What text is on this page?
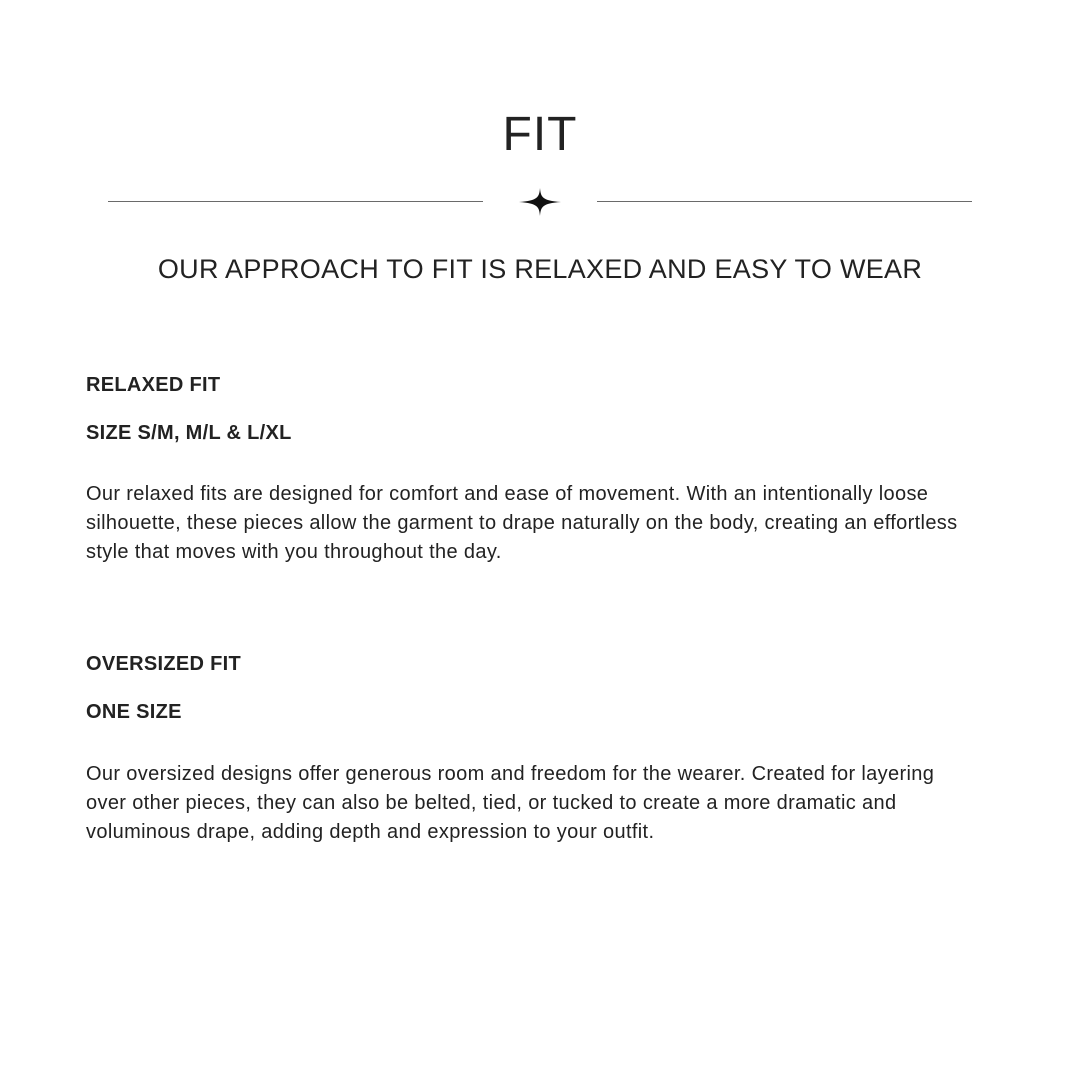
FIT

OUR APPROACH TO FIT IS RELAXED AND EASY TO WEAR

RELAXED FIT

SIZE S/M, M/L & L/XL

Our relaxed fits are designed for comfort and ease of movement. With an intentionally loose silhouette, these pieces allow the garment to drape naturally on the body, creating an effortless style that moves with you throughout the day.

OVERSIZED FIT

ONE SIZE

Our oversized designs offer generous room and freedom for the wearer. Created for layering over other pieces, they can also be belted, tied, or tucked to create a more dramatic and voluminous drape, adding depth and expression to your outfit.
